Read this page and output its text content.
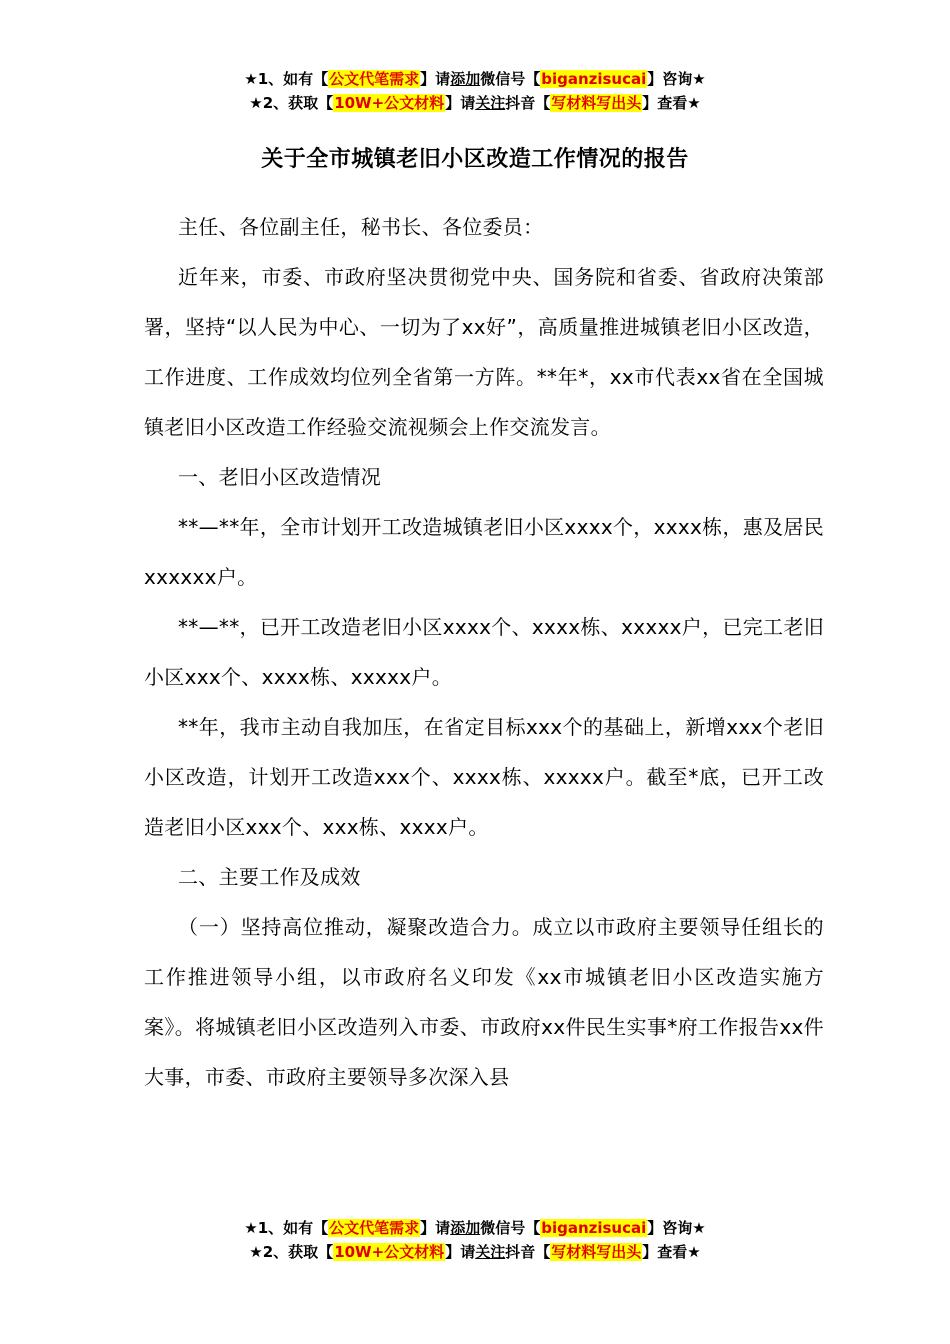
★1、如有【公文代笔需求】请添加微信号【biganzisucai】咨询★
★2、获取【10W+公文材料】请关注抖音【写材料写出头】查看★
关于全市城镇老旧小区改造工作情况的报告

主任、各位副主任，秘书长、各位委员：

近年来，市委、市政府坚决贯彻党中央、国务院和省委、省政府决策部署，坚持“以人民为中心、一切为了xx好”，高质量推进城镇老旧小区改造，工作进度、工作成效均位列全省第一方阵。**年*，xx市代表xx省在全国城镇老旧小区改造工作经验交流视频会上作交流发言。

一、老旧小区改造情况

**—**年，全市计划开工改造城镇老旧小区xxxx个，xxxx栋，惠及居民xxxxxx户。

**—**，已开工改造老旧小区xxxx个、xxxx栋、xxxxx户，已完工老旧小区xxx个、xxxx栋、xxxxx户。

**年，我市主动自我加压，在省定目标xxx个的基础上，新增xxx个老旧小区改造，计划开工改造xxx个、xxxx栋、xxxxx户。截至*底，已开工改造老旧小区xxx个、xxx栋、xxxx户。

二、主要工作及成效

（一）坚持高位推动，凝聚改造合力。成立以市政府主要领导任组长的工作推进领导小组，以市政府名义印发《xx市城镇老旧小区改造实施方案》。将城镇老旧小区改造列入市委、市政府xx件民生实事*府工作报告xx件大事，市委、市政府主要领导多次深入县

★1、如有【公文代笔需求】请添加微信号【biganzisucai】咨询★
★2、获取【10W+公文材料】请关注抖音【写材料写出头】查看★
